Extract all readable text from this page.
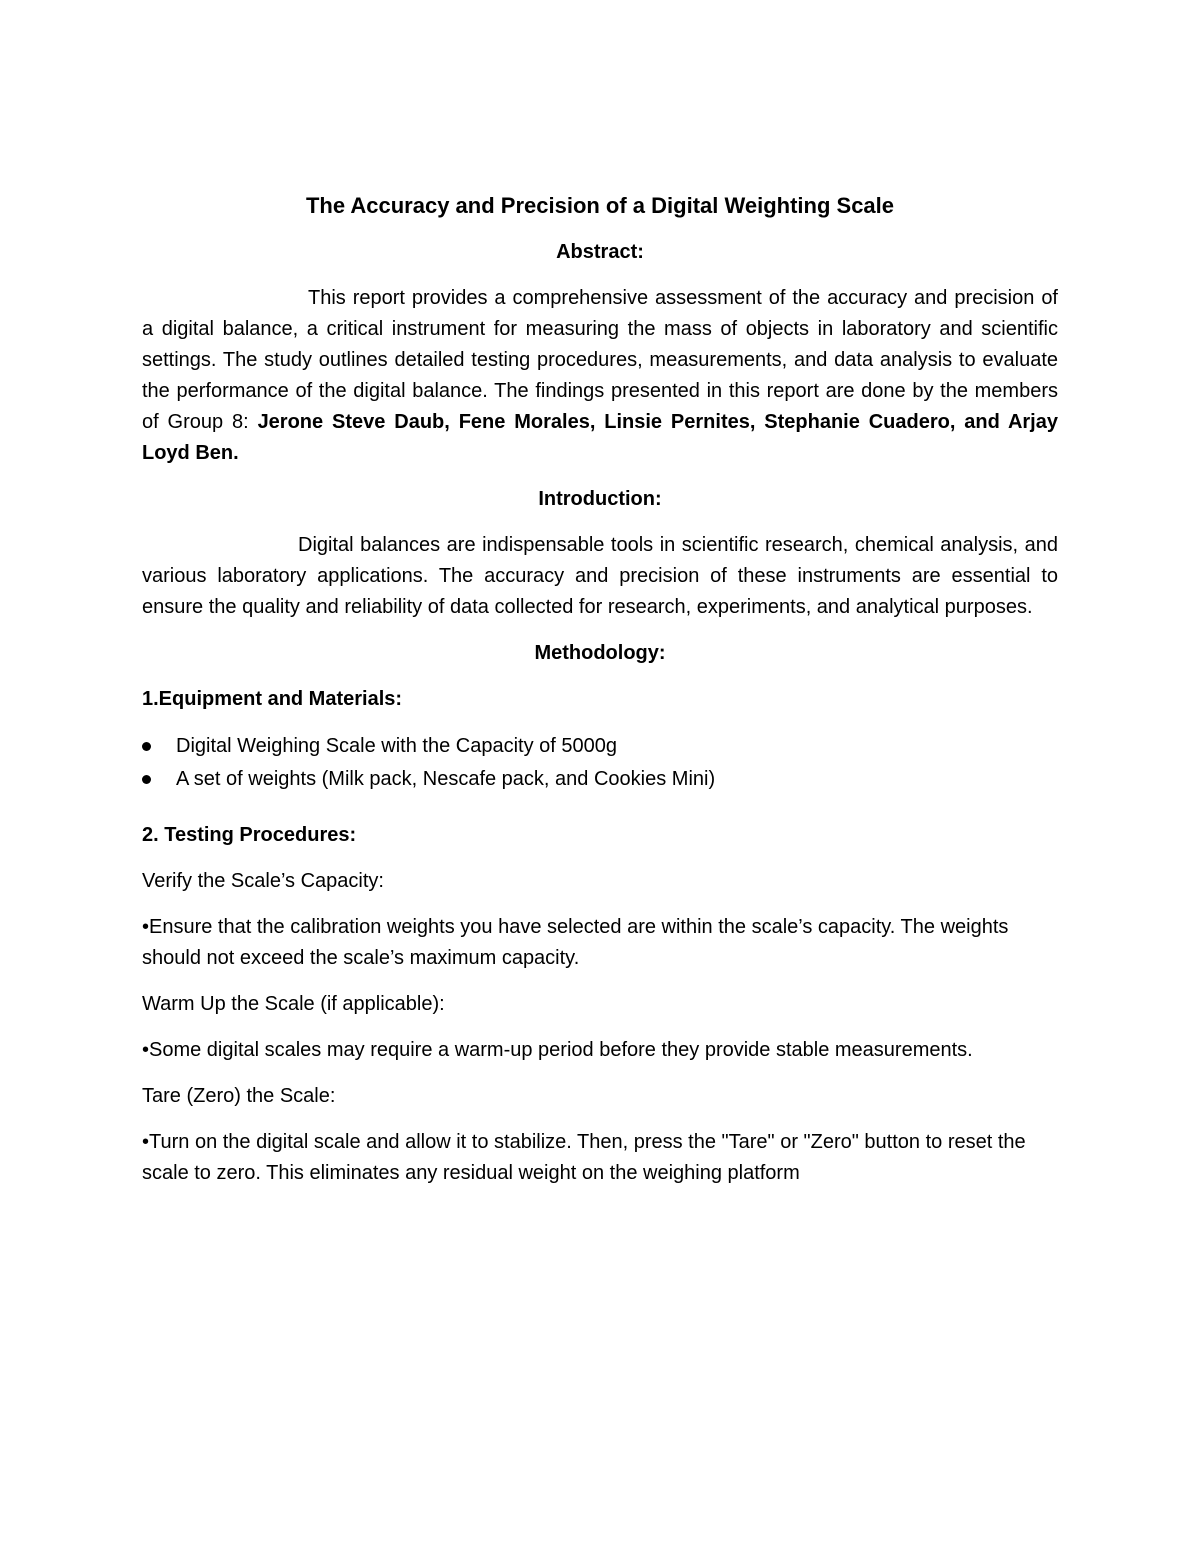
The Accuracy and Precision of a Digital Weighting Scale
Abstract:
This report provides a comprehensive assessment of the accuracy and precision of a digital balance, a critical instrument for measuring the mass of objects in laboratory and scientific settings. The study outlines detailed testing procedures, measurements, and data analysis to evaluate the performance of the digital balance. The findings presented in this report are done by the members of Group 8: Jerone Steve Daub, Fene Morales, Linsie Pernites, Stephanie Cuadero, and Arjay Loyd Ben.
Introduction:
Digital balances are indispensable tools in scientific research, chemical analysis, and various laboratory applications. The accuracy and precision of these instruments are essential to ensure the quality and reliability of data collected for research, experiments, and analytical purposes.
Methodology:
1.Equipment and Materials:
Digital Weighing Scale with the Capacity of 5000g
A set of weights (Milk pack, Nescafe pack, and Cookies Mini)
2. Testing Procedures:
Verify the Scale’s Capacity:
•Ensure that the calibration weights you have selected are within the scale’s capacity. The weights should not exceed the scale’s maximum capacity.
Warm Up the Scale (if applicable):
•Some digital scales may require a warm-up period before they provide stable measurements.
Tare (Zero) the Scale:
•Turn on the digital scale and allow it to stabilize. Then, press the "Tare" or "Zero" button to reset the scale to zero. This eliminates any residual weight on the weighing platform
